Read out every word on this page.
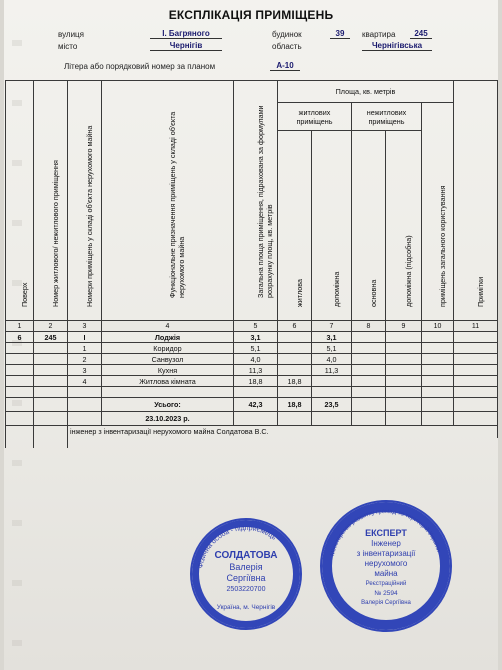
ЕКСПЛІКАЦІЯ ПРИМІЩЕНЬ
вулиця	І. Багряного	будинок	39	квартира	245
місто	Чернігів	область	Чернігівська
Літера або порядковий номер за планом	А-10
Поверх	Номер житлового/ нежитлового приміщення	Номери приміщень у складі об'єкта нерухомого майна	Функціональне призначення приміщень у складі об'єкта нерухомого майна	Загальна площа приміщення, підрахована за формулами розрахунку площ, кв. метрів	Площа, кв. метрів					Примітки

					житлових приміщень		нежитлових приміщень		приміщень загального користування	

					житлова	допоміжна	основна	допоміжна (підсобна)		

1	2	3	4	5	6	7	8	9	10	11
6	245	І	Лоджія	3,1		3,1				
		1	Коридор	5,1		5,1				
		2	Санвузол	4,0		4,0				
		3	Кухня	11,3		11,3				
		4	Житлова кімната	18,8	18,8					

			Усього:	42,3	18,8	23,5				
			23.10.2023 р.							
		інженер з інвентаризації нерухомого майна Солдатова В.С.								

Фізична особа - підприємець
СОЛДАТОВА
Валерія
Сергіївна
2503220700
Україна, м. Чернігів
Міністерство розвитку громад та територій України
ЕКСПЕРТ
Інженер
з інвентаризації
нерухомого
майна
Реєстраційний
№ 2594
Валерія Сергіївна
